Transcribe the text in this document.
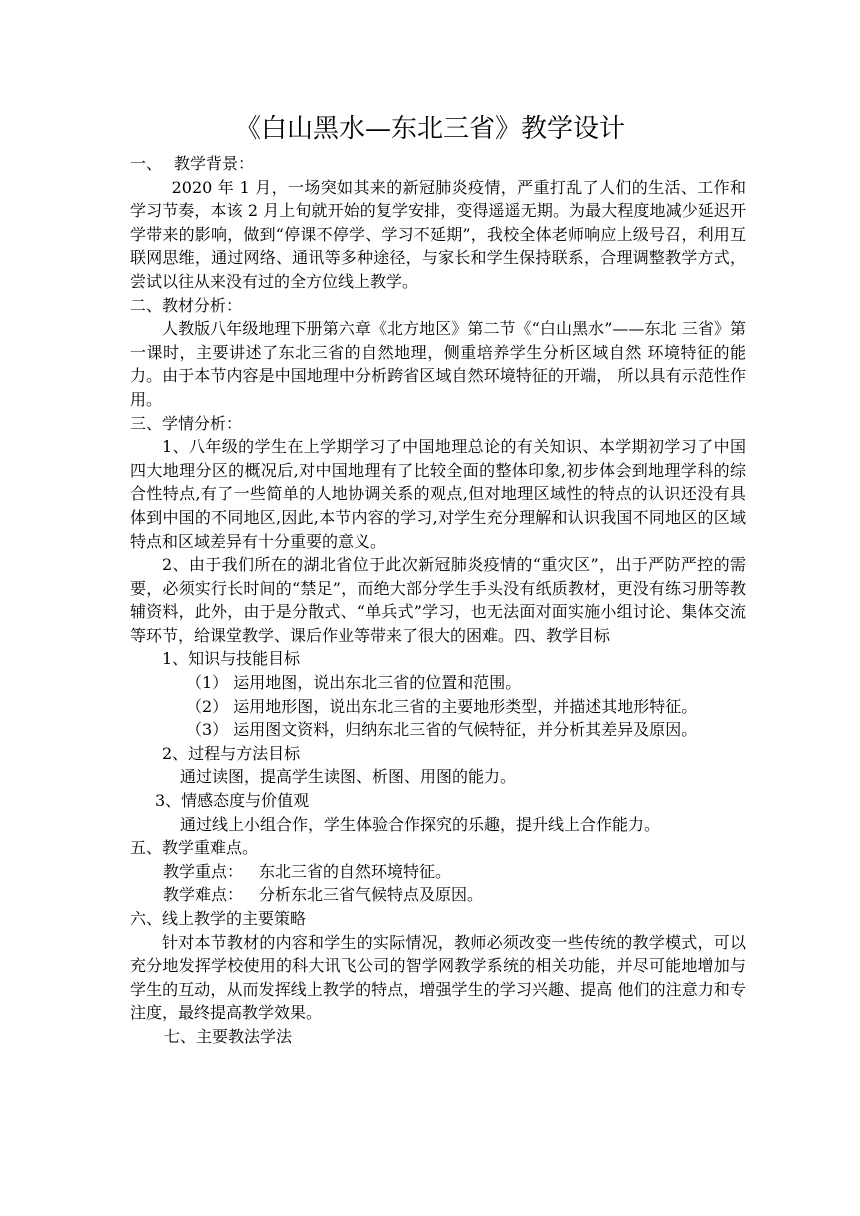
《白山黑水—东北三省》教学设计
一、 教学背景：

2020 年 1 月，一场突如其来的新冠肺炎疫情，严重打乱了人们的生活、工作和学习节奏，本该 2 月上旬就开始的复学安排，变得遥遥无期。为最大程度地减少延迟开学带来的影响，做到“停课不停学、学习不延期”，我校全体老师响应上级号召，利用互联网思维，通过网络、通讯等多种途径，与家长和学生保持联系，合理调整教学方式，尝试以往从来没有过的全方位线上教学。

二、教材分析：

人教版八年级地理下册第六章《北方地区》第二节《“白山黑水”——东北 三省》第一课时，主要讲述了东北三省的自然地理，侧重培养学生分析区域自然 环境特征的能力。由于本节内容是中国地理中分析跨省区域自然环境特征的开端， 所以具有示范性作用。

三、学情分析：

1、八年级的学生在上学期学习了中国地理总论的有关知识、本学期初学习了中国四大地理分区的概况后,对中国地理有了比较全面的整体印象,初步体会到地理学科的综合性特点,有了一些简单的人地协调关系的观点,但对地理区域性的特点的认识还没有具体到中国的不同地区,因此,本节内容的学习,对学生充分理解和认识我国不同地区的区域特点和区域差异有十分重要的意义。

2、由于我们所在的湖北省位于此次新冠肺炎疫情的“重灾区”，出于严防严控的需要，必须实行长时间的“禁足”，而绝大部分学生手头没有纸质教材，更没有练习册等教辅资料，此外，由于是分散式、“单兵式”学习，也无法面对面实施小组讨论、集体交流等环节，给课堂教学、课后作业等带来了很大的困难。四、教学目标

1、知识与技能目标
（1） 运用地图，说出东北三省的位置和范围。
（2） 运用地形图，说出东北三省的主要地形类型，并描述其地形特征。
（3） 运用图文资料，归纳东北三省的气候特征，并分析其差异及原因。
2、过程与方法目标
通过读图，提高学生读图、析图、用图的能力。
3、情感态度与价值观
通过线上小组合作，学生体验合作探究的乐趣，提升线上合作能力。
五、教学重难点。
教学重点： 东北三省的自然环境特征。
教学难点： 分析东北三省气候特点及原因。
六、线上教学的主要策略

针对本节教材的内容和学生的实际情况，教师必须改变一些传统的教学模式，可以充分地发挥学校使用的科大讯飞公司的智学网教学系统的相关功能，并尽可能地增加与学生的互动，从而发挥线上教学的特点，增强学生的学习兴趣、提高 他们的注意力和专注度，最终提高教学效果。

七、主要教法学法
